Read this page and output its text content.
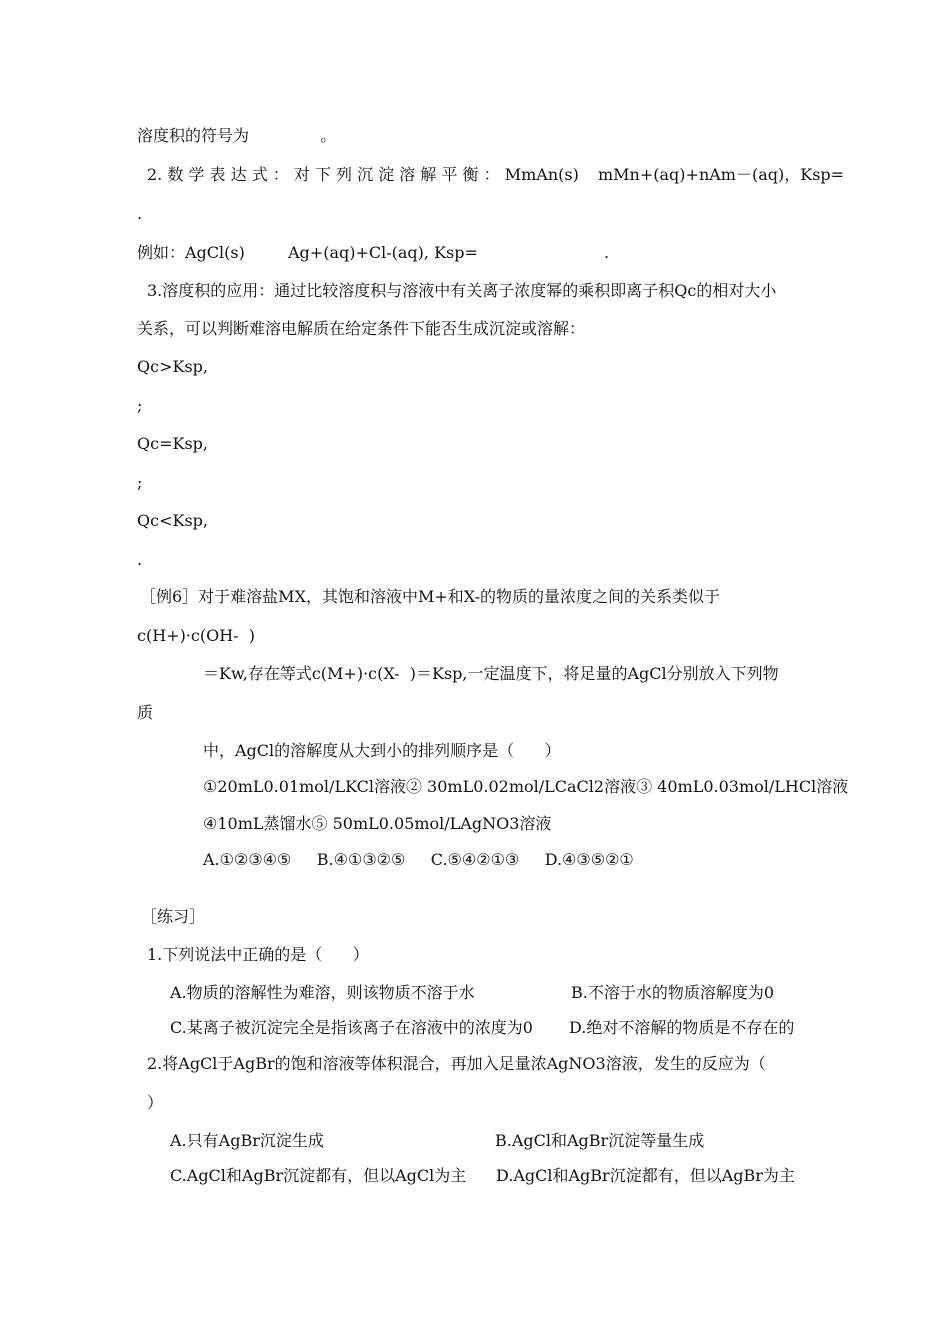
溶度积的符号为              。
2. 数 学 表 达 式 ： 对 下 列 沉 淀 溶 解 平 衡 ： MmAn(s) mMn+(aq)+nAm－(aq)，Ksp=
.
例如：AgCl(s)	Ag+(aq)+Cl-(aq), Ksp=	.
3.溶度积的应用：通过比较溶度积与溶液中有关离子浓度幂的乘积即离子积Qc的相对大小
关系，可以判断难溶电解质在给定条件下能否生成沉淀或溶解：
Qc>Ksp,
;
Qc=Ksp,
;
Qc<Ksp,
.
［例6］对于难溶盐MX，其饱和溶液中M+和X-的物质的量浓度之间的关系类似于
c(H+)·c(OH-  )
＝Kw,存在等式c(M+)·c(X-  )＝Ksp,一定温度下，将足量的AgCl分别放入下列物
质
中，AgCl的溶解度从大到小的排列顺序是（      ）
①20mL0.01mol/LKCl溶液② 30mL0.02mol/LCaCl2溶液③ 40mL0.03mol/LHCl溶液
④10mL蒸馏水⑤ 50mL0.05mol/LAgNO3溶液
A.①②③④⑤     B.④①③②⑤     C.⑤④②①③     D.④③⑤②①
［练习］
1.下列说法中正确的是（      ）
A.物质的溶解性为难溶，则该物质不溶于水	B.不溶于水的物质溶解度为0
C.某离子被沉淀完全是指该离子在溶液中的浓度为0 D.绝对不溶解的物质是不存在的
2.将AgCl于AgBr的饱和溶液等体积混合，再加入足量浓AgNO3溶液，发生的反应为（
）
A.只有AgBr沉淀生成	B.AgCl和AgBr沉淀等量生成
C.AgCl和AgBr沉淀都有，但以AgCl为主 D.AgCl和AgBr沉淀都有，但以AgBr为主
